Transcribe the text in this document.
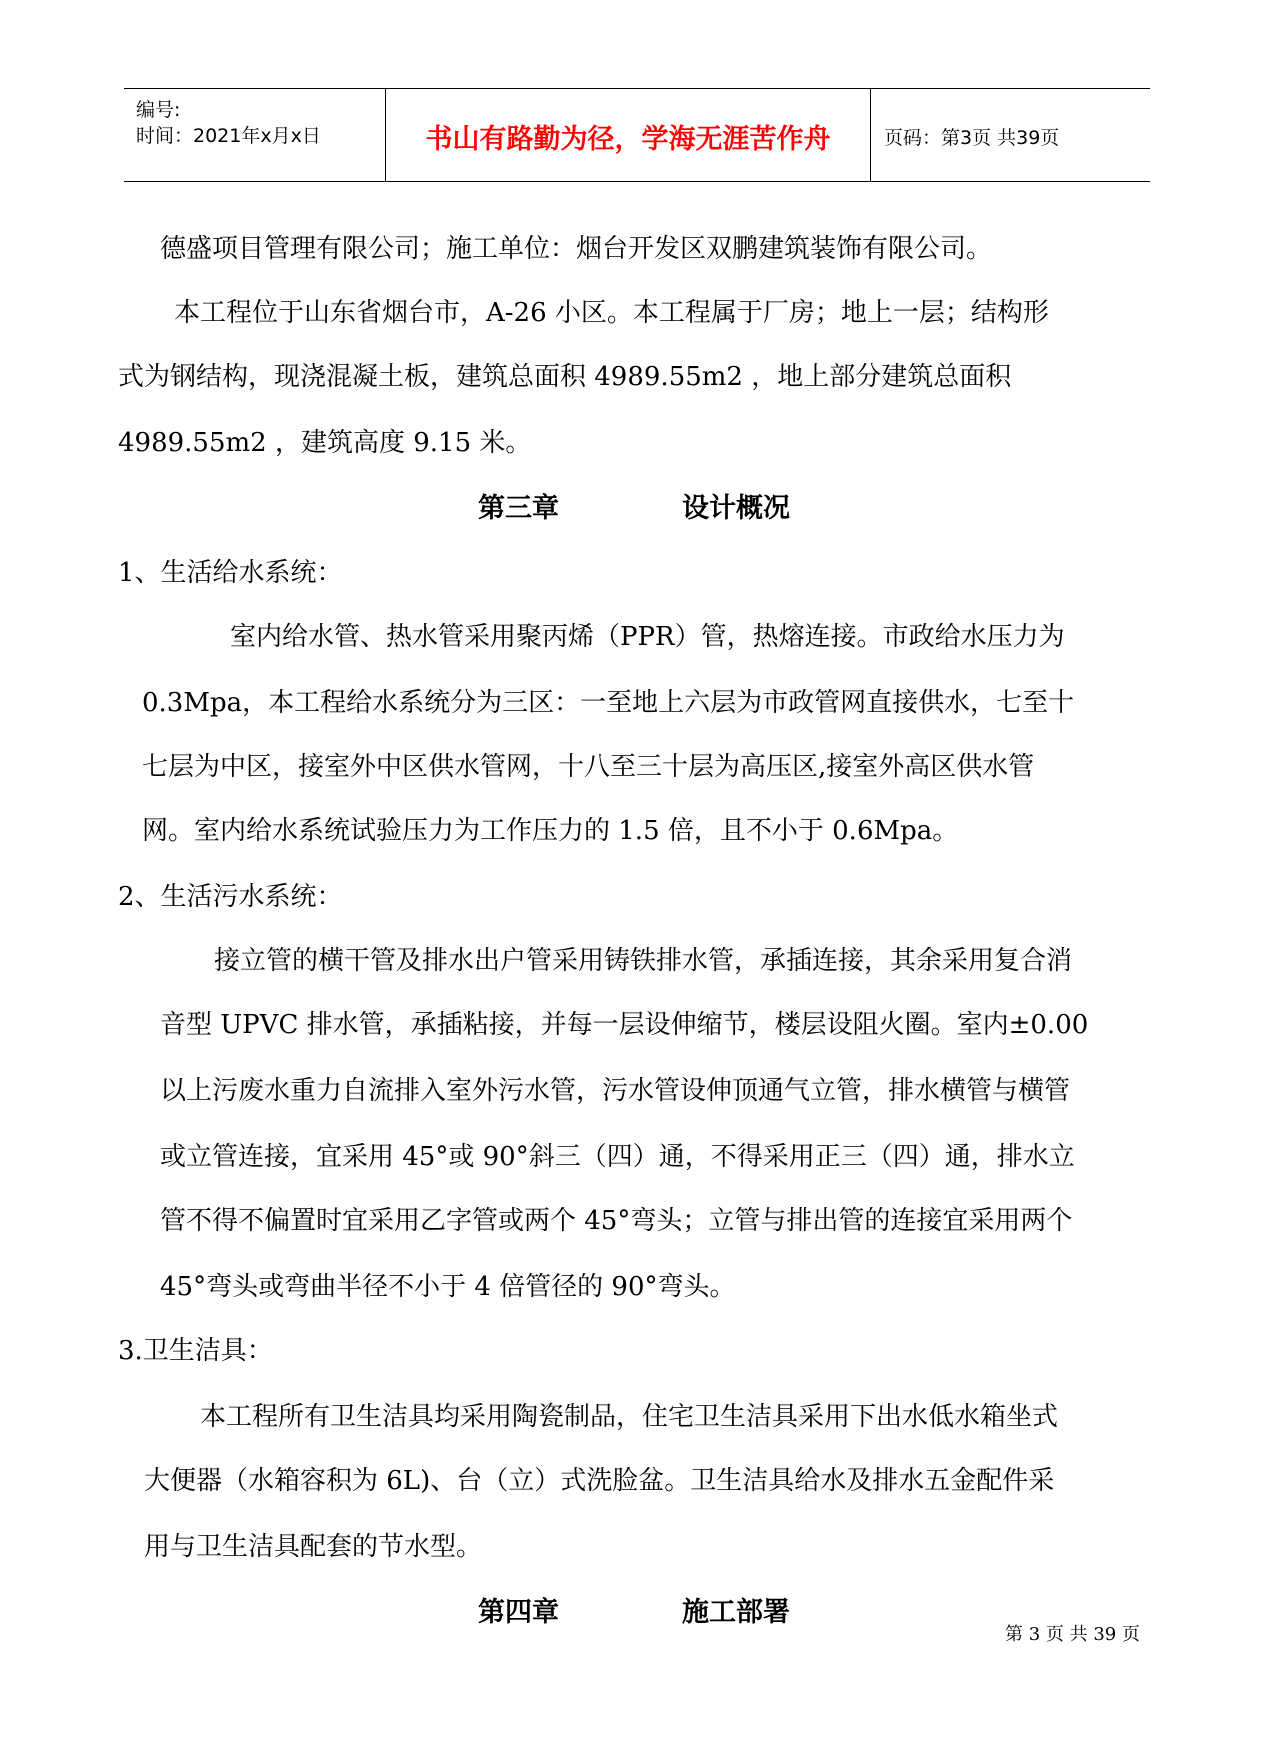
编号:
时间：2021年x月x日	书山有路勤为径，学海无涯苦作舟	页码：第3页 共39页
德盛项目管理有限公司；施工单位：烟台开发区双鹏建筑装饰有限公司。
本工程位于山东省烟台市，A-26 小区。本工程属于厂房；地上一层；结构形
式为钢结构，现浇混凝土板，建筑总面积 4989.55m2 ，地上部分建筑总面积
4989.55m2 ，建筑高度 9.15 米。
第三章	设计概况
1、生活给水系统：
室内给水管、热水管采用聚丙烯（PPR）管，热熔连接。市政给水压力为
0.3Mpa，本工程给水系统分为三区：一至地上六层为市政管网直接供水，七至十
七层为中区，接室外中区供水管网，十八至三十层为高压区,接室外高区供水管
网。室内给水系统试验压力为工作压力的 1.5 倍，且不小于 0.6Mpa。
2、生活污水系统：
接立管的横干管及排水出户管采用铸铁排水管，承插连接，其余采用复合消
音型 UPVC 排水管，承插粘接，并每一层设伸缩节，楼层设阻火圈。室内±0.00
以上污废水重力自流排入室外污水管，污水管设伸顶通气立管，排水横管与横管
或立管连接，宜采用 45°或 90°斜三（四）通，不得采用正三（四）通，排水立
管不得不偏置时宜采用乙字管或两个 45°弯头；立管与排出管的连接宜采用两个
45°弯头或弯曲半径不小于 4 倍管径的 90°弯头。
3.卫生洁具：
本工程所有卫生洁具均采用陶瓷制品，住宅卫生洁具采用下出水低水箱坐式
大便器（水箱容积为 6L)、台（立）式洗脸盆。卫生洁具给水及排水五金配件采
用与卫生洁具配套的节水型。
第四章	施工部署
第 3 页 共 39 页
